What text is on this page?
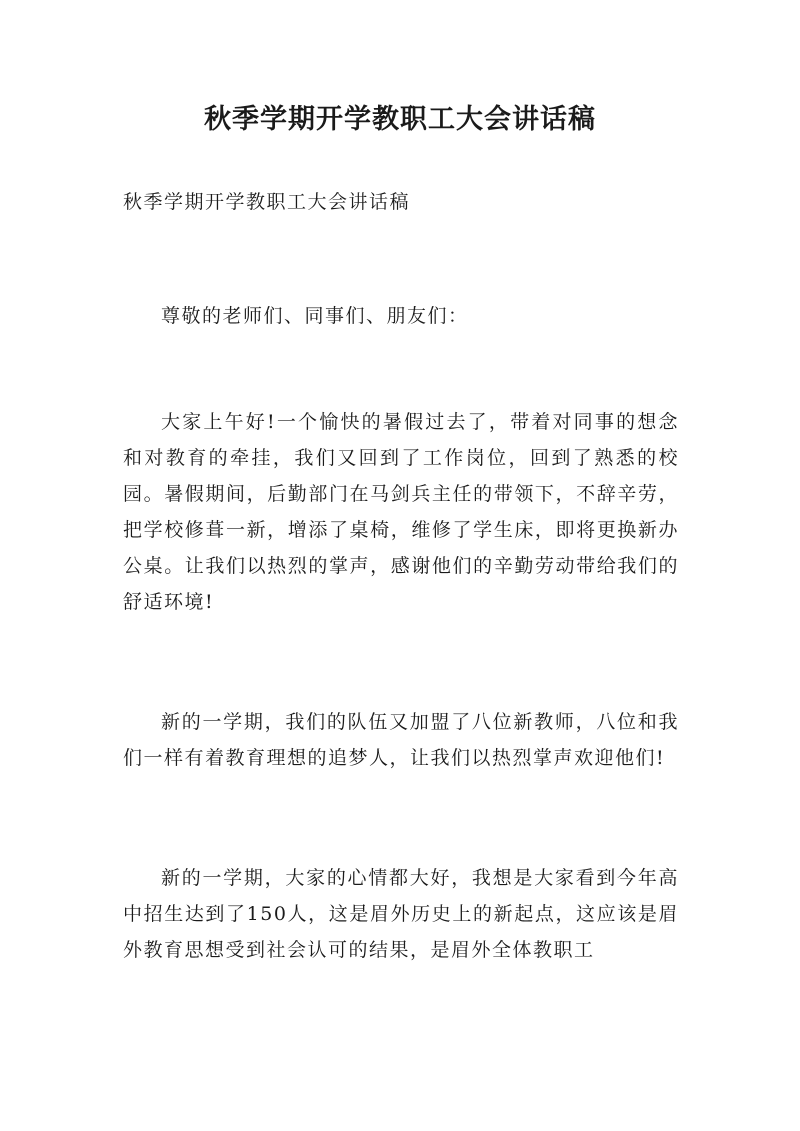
秋季学期开学教职工大会讲话稿

秋季学期开学教职工大会讲话稿

尊敬的老师们、同事们、朋友们：

大家上午好!一个愉快的暑假过去了，带着对同事的想念和对教育的牵挂，我们又回到了工作岗位，回到了熟悉的校园。暑假期间，后勤部门在马剑兵主任的带领下，不辞辛劳，把学校修葺一新，增添了桌椅，维修了学生床，即将更换新办公桌。让我们以热烈的掌声，感谢他们的辛勤劳动带给我们的舒适环境!

新的一学期，我们的队伍又加盟了八位新教师，八位和我们一样有着教育理想的追梦人，让我们以热烈掌声欢迎他们!

新的一学期，大家的心情都大好，我想是大家看到今年高中招生达到了150人，这是眉外历史上的新起点，这应该是眉外教育思想受到社会认可的结果，是眉外全体教职工
